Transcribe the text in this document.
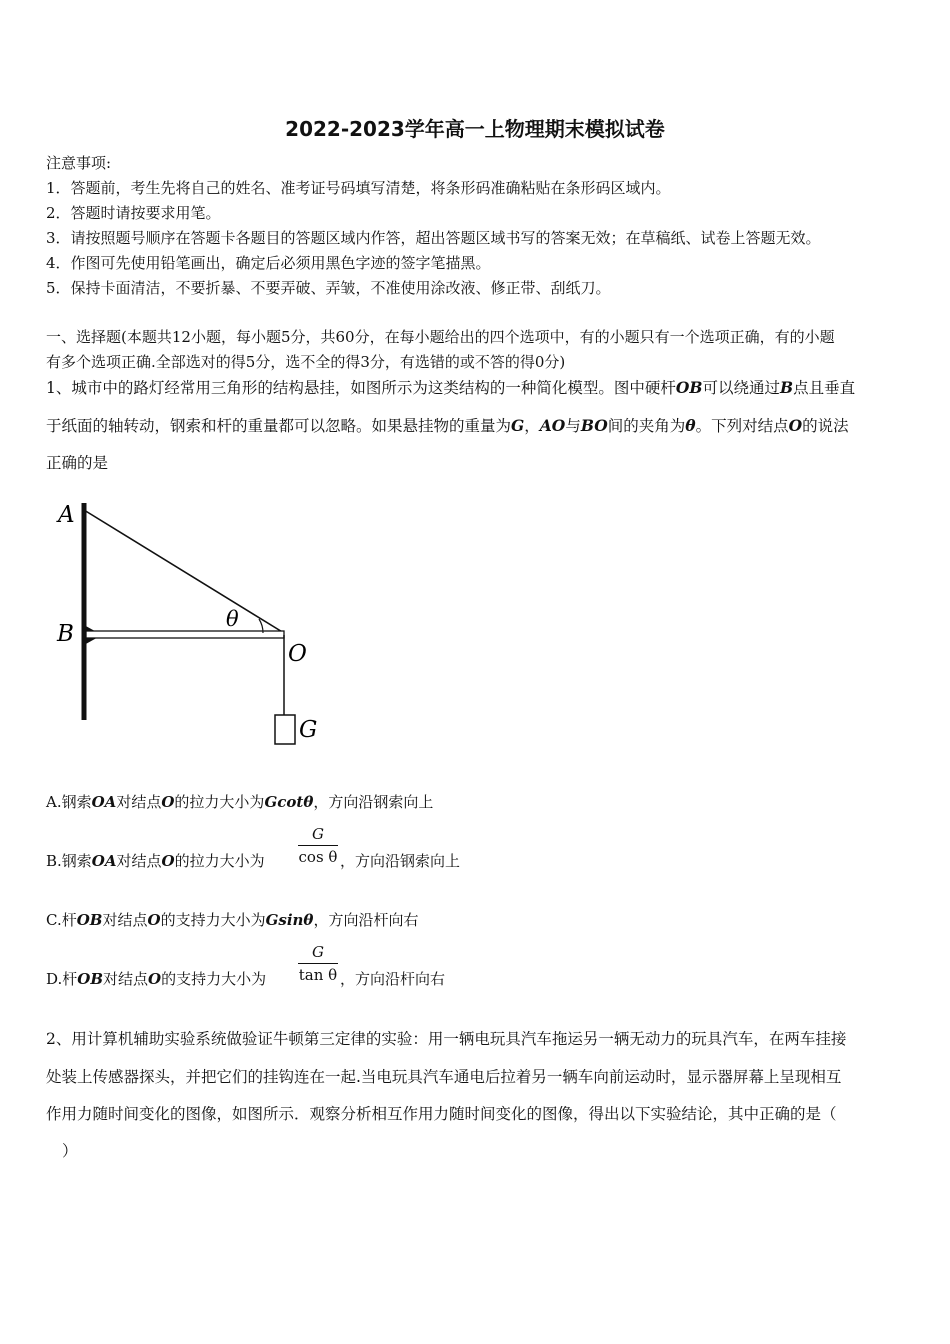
2022-2023学年高一上物理期末模拟试卷
注意事项:
1．答题前，考生先将自己的姓名、准考证号码填写清楚，将条形码准确粘贴在条形码区域内。
2．答题时请按要求用笔。
3．请按照题号顺序在答题卡各题目的答题区域内作答，超出答题区域书写的答案无效；在草稿纸、试卷上答题无效。
4．作图可先使用铅笔画出，确定后必须用黑色字迹的签字笔描黑。
5．保持卡面清洁，不要折暴、不要弄破、弄皱，不准使用涂改液、修正带、刮纸刀。
一、选择题(本题共12小题，每小题5分，共60分，在每小题给出的四个选项中，有的小题只有一个选项正确，有的小题
有多个选项正确.全部选对的得5分，选不全的得3分，有选错的或不答的得0分)
1、城市中的路灯经常用三角形的结构悬挂，如图所示为这类结构的一种简化模型。图中硬杆OB可以绕通过B点且垂直
于纸面的轴转动，钢索和杆的重量都可以忽略。如果悬挂物的重量为G，AO与BO间的夹角为θ。下列对结点O的说法
正确的是
A
B
O
G
θ
A.钢索OA对结点O的拉力大小为Gcotθ，方向沿钢索向上
B.钢索OA对结点O的拉力大小为
G
cos θ ，方向沿钢索向上
C.杆OB对结点O的支持力大小为Gsinθ，方向沿杆向右
D.杆OB对结点O的支持力大小为
G
tan θ ，方向沿杆向右
2、用计算机辅助实验系统做验证牛顿第三定律的实验：用一辆电玩具汽车拖运另一辆无动力的玩具汽车，在两车挂接
处装上传感器探头，并把它们的挂钩连在一起.当电玩具汽车通电后拉着另一辆车向前运动时，显示器屏幕上呈现相互
作用力随时间变化的图像，如图所示．观察分析相互作用力随时间变化的图像，得出以下实验结论，其中正确的是（
）
